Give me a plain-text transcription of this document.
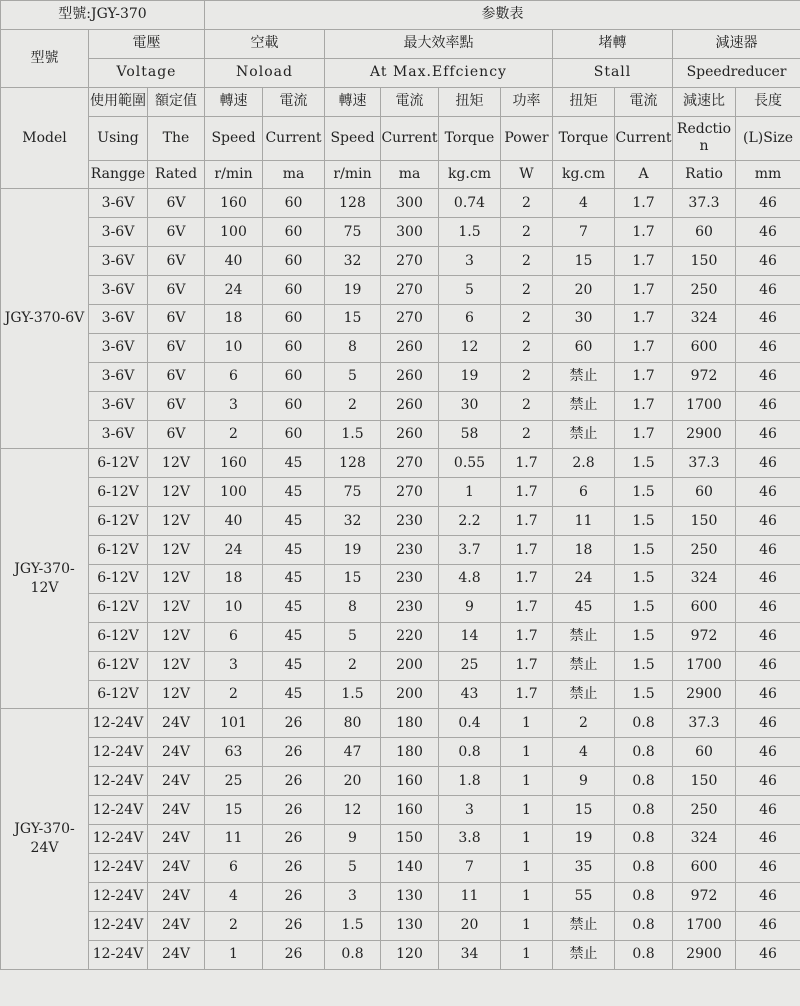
型號:JGY-370			参數表									
型號	電壓		空載		最大效率點				堵轉		減速器	
	Voltage		Noload		At Max.Effciency				Stall		Speedreducer	
Model	使用範圍	額定值	轉速	電流	轉速	電流	扭矩	功率	扭矩	電流	減速比	長度
	Using	The	Speed	Current	Speed	Current	Torque	Power	Torque	Current	Redction	(L)Size
	Rangge	Rated	r/min	ma	r/min	ma	kg.cm	W	kg.cm	A	Ratio	mm
JGY-370-6V	3-6V	6V	160	60	128	300	0.74	2	4	1.7	37.3	46
	3-6V	6V	100	60	75	300	1.5	2	7	1.7	60	46
	3-6V	6V	40	60	32	270	3	2	15	1.7	150	46
	3-6V	6V	24	60	19	270	5	2	20	1.7	250	46
	3-6V	6V	18	60	15	270	6	2	30	1.7	324	46
	3-6V	6V	10	60	8	260	12	2	60	1.7	600	46
	3-6V	6V	6	60	5	260	19	2	禁止	1.7	972	46
	3-6V	6V	3	60	2	260	30	2	禁止	1.7	1700	46
	3-6V	6V	2	60	1.5	260	58	2	禁止	1.7	2900	46
JGY-370-12V	6-12V	12V	160	45	128	270	0.55	1.7	2.8	1.5	37.3	46
	6-12V	12V	100	45	75	270	1	1.7	6	1.5	60	46
	6-12V	12V	40	45	32	230	2.2	1.7	11	1.5	150	46
	6-12V	12V	24	45	19	230	3.7	1.7	18	1.5	250	46
	6-12V	12V	18	45	15	230	4.8	1.7	24	1.5	324	46
	6-12V	12V	10	45	8	230	9	1.7	45	1.5	600	46
	6-12V	12V	6	45	5	220	14	1.7	禁止	1.5	972	46
	6-12V	12V	3	45	2	200	25	1.7	禁止	1.5	1700	46
	6-12V	12V	2	45	1.5	200	43	1.7	禁止	1.5	2900	46
JGY-370-24V	12-24V	24V	101	26	80	180	0.4	1	2	0.8	37.3	46
	12-24V	24V	63	26	47	180	0.8	1	4	0.8	60	46
	12-24V	24V	25	26	20	160	1.8	1	9	0.8	150	46
	12-24V	24V	15	26	12	160	3	1	15	0.8	250	46
	12-24V	24V	11	26	9	150	3.8	1	19	0.8	324	46
	12-24V	24V	6	26	5	140	7	1	35	0.8	600	46
	12-24V	24V	4	26	3	130	11	1	55	0.8	972	46
	12-24V	24V	2	26	1.5	130	20	1	禁止	0.8	1700	46
	12-24V	24V	1	26	0.8	120	34	1	禁止	0.8	2900	46
